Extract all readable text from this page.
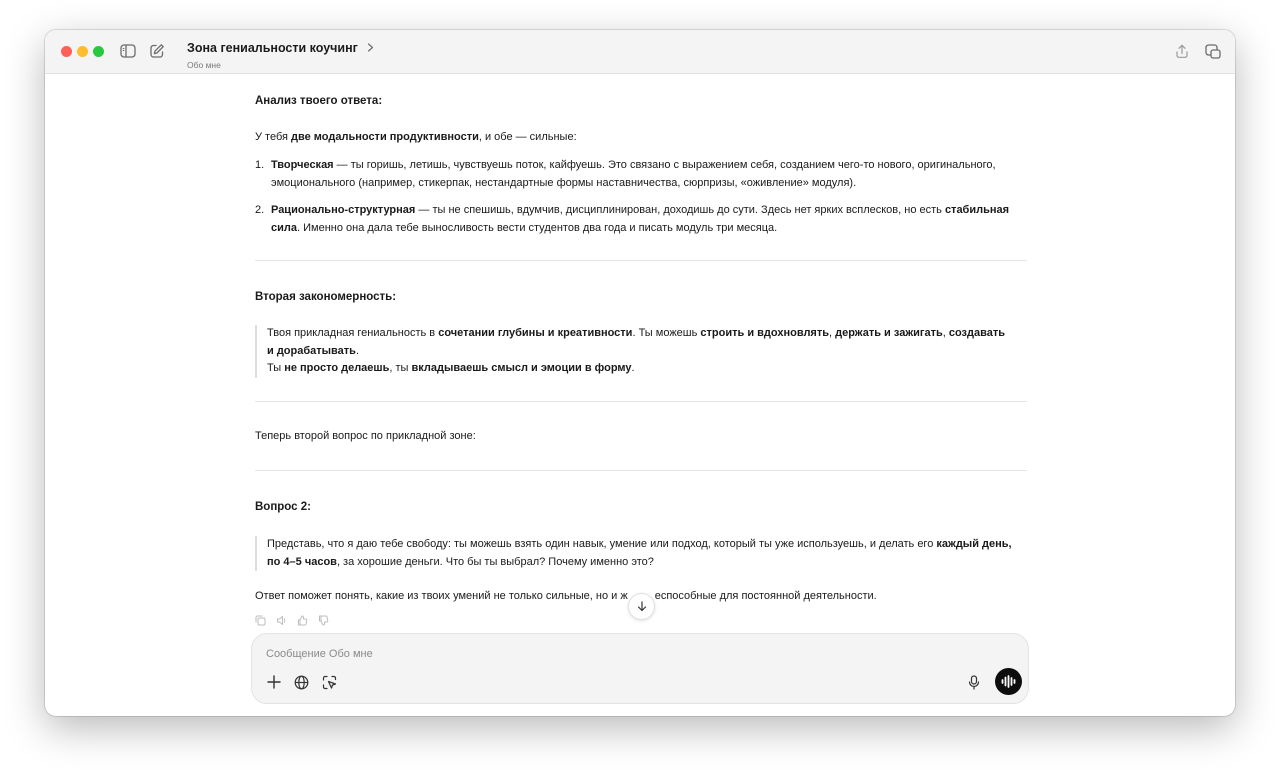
Зона гениальности коучинг
Обо мне
Анализ твоего ответа:
У тебя две модальности продуктивности, и обе — сильные:
1. Творческая — ты горишь, летишь, чувствуешь поток, кайфуешь. Это связано с выражением себя, созданием чего-то нового, оригинального,
эмоционального (например, стикерпак, нестандартные формы наставничества, сюрпризы, «оживление» модуля).
2. Рационально-структурная — ты не спешишь, вдумчив, дисциплинирован, доходишь до сути. Здесь нет ярких всплесков, но есть стабильная
сила. Именно она дала тебе выносливость вести студентов два года и писать модуль три месяца.
Вторая закономерность:
Твоя прикладная гениальность в сочетании глубины и креативности. Ты можешь строить и вдохновлять, держать и зажигать, создавать
и дорабатывать.
Ты не просто делаешь, ты вкладываешь смысл и эмоции в форму.
Теперь второй вопрос по прикладной зоне:
Вопрос 2:
Представь, что я даю тебе свободу: ты можешь взять один навык, умение или подход, который ты уже используешь, и делать его каждый день,
по 4–5 часов, за хорошие деньги. Что бы ты выбрал? Почему именно это?
Ответ поможет понять, какие из твоих умений не только сильные, но и ж еспособные для постоянной деятельности.
Сообщение Обо мне
